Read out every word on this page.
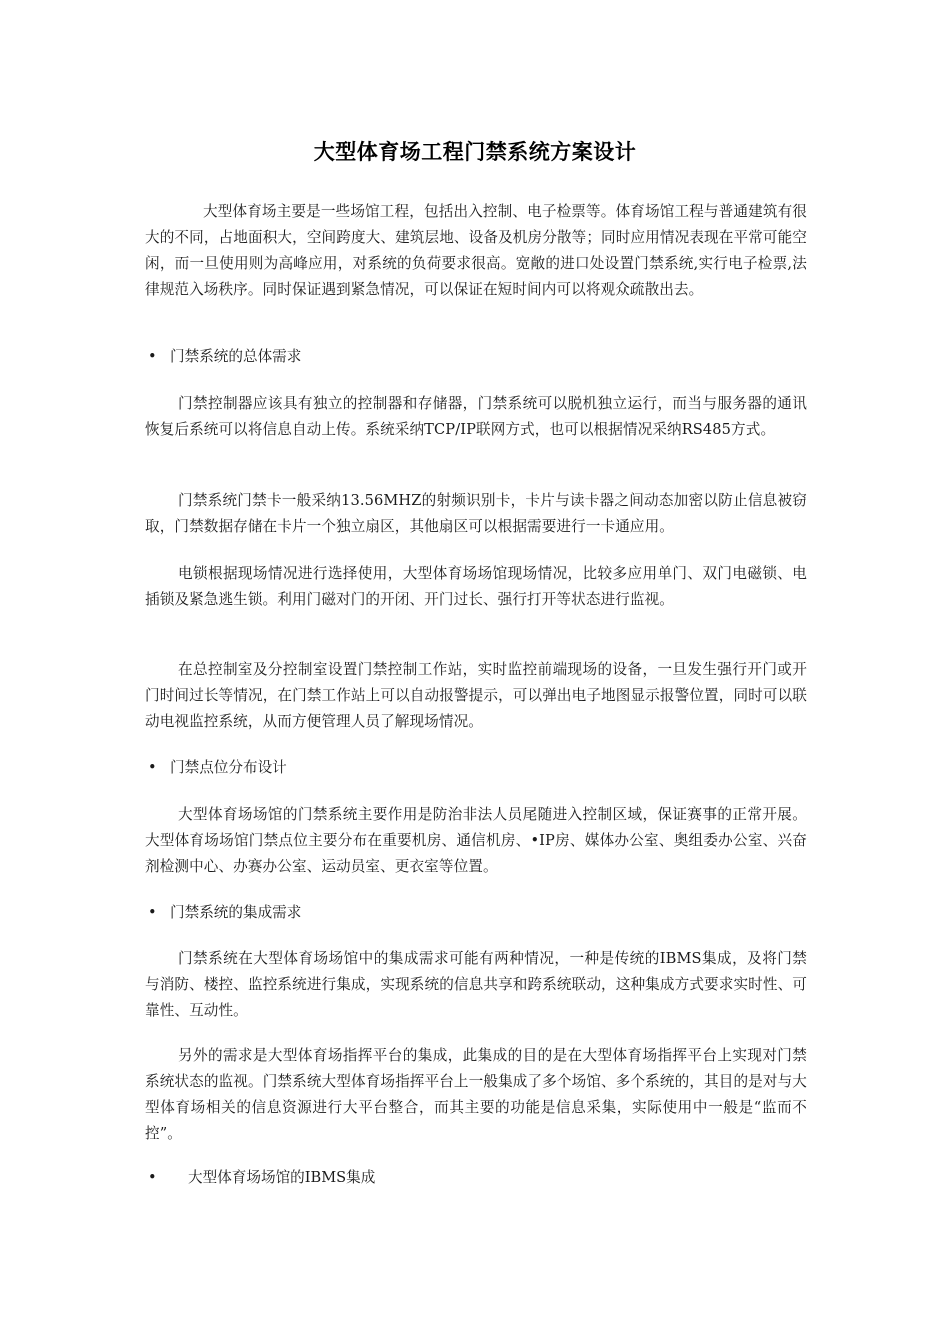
大型体育场工程门禁系统方案设计

大型体育场主要是一些场馆工程，包括出入控制、电子检票等。体育场馆工程与普通建筑有很大的不同，占地面积大，空间跨度大、建筑层地、设备及机房分散等；同时应用情况表现在平常可能空闲，而一旦使用则为高峰应用，对系统的负荷要求很高。宽敞的进口处设置门禁系统,实行电子检票,法律规范入场秩序。同时保证遇到紧急情况，可以保证在短时间内可以将观众疏散出去。

• 门禁系统的总体需求

门禁控制器应该具有独立的控制器和存储器，门禁系统可以脱机独立运行，而当与服务器的通讯恢复后系统可以将信息自动上传。系统采纳TCP/IP联网方式，也可以根据情况采纳RS485方式。

门禁系统门禁卡一般采纳13.56MHZ的射频识别卡，卡片与读卡器之间动态加密以防止信息被窃取，门禁数据存储在卡片一个独立扇区，其他扇区可以根据需要进行一卡通应用。

电锁根据现场情况进行选择使用，大型体育场场馆现场情况，比较多应用单门、双门电磁锁、电插锁及紧急逃生锁。利用门磁对门的开闭、开门过长、强行打开等状态进行监视。

在总控制室及分控制室设置门禁控制工作站，实时监控前端现场的设备，一旦发生强行开门或开门时间过长等情况，在门禁工作站上可以自动报警提示，可以弹出电子地图显示报警位置，同时可以联动电视监控系统，从而方便管理人员了解现场情况。

• 门禁点位分布设计

大型体育场场馆的门禁系统主要作用是防治非法人员尾随进入控制区域，保证赛事的正常开展。大型体育场场馆门禁点位主要分布在重要机房、通信机房、•IP房、媒体办公室、奥组委办公室、兴奋剂检测中心、办赛办公室、运动员室、更衣室等位置。

• 门禁系统的集成需求

门禁系统在大型体育场场馆中的集成需求可能有两种情况，一种是传统的IBMS集成，及将门禁与消防、楼控、监控系统进行集成，实现系统的信息共享和跨系统联动，这种集成方式要求实时性、可靠性、互动性。

另外的需求是大型体育场指挥平台的集成，此集成的目的是在大型体育场指挥平台上实现对门禁系统状态的监视。门禁系统大型体育场指挥平台上一般集成了多个场馆、多个系统的，其目的是对与大型体育场相关的信息资源进行大平台整合，而其主要的功能是信息采集，实际使用中一般是“监而不控”。

• 大型体育场场馆的IBMS集成
